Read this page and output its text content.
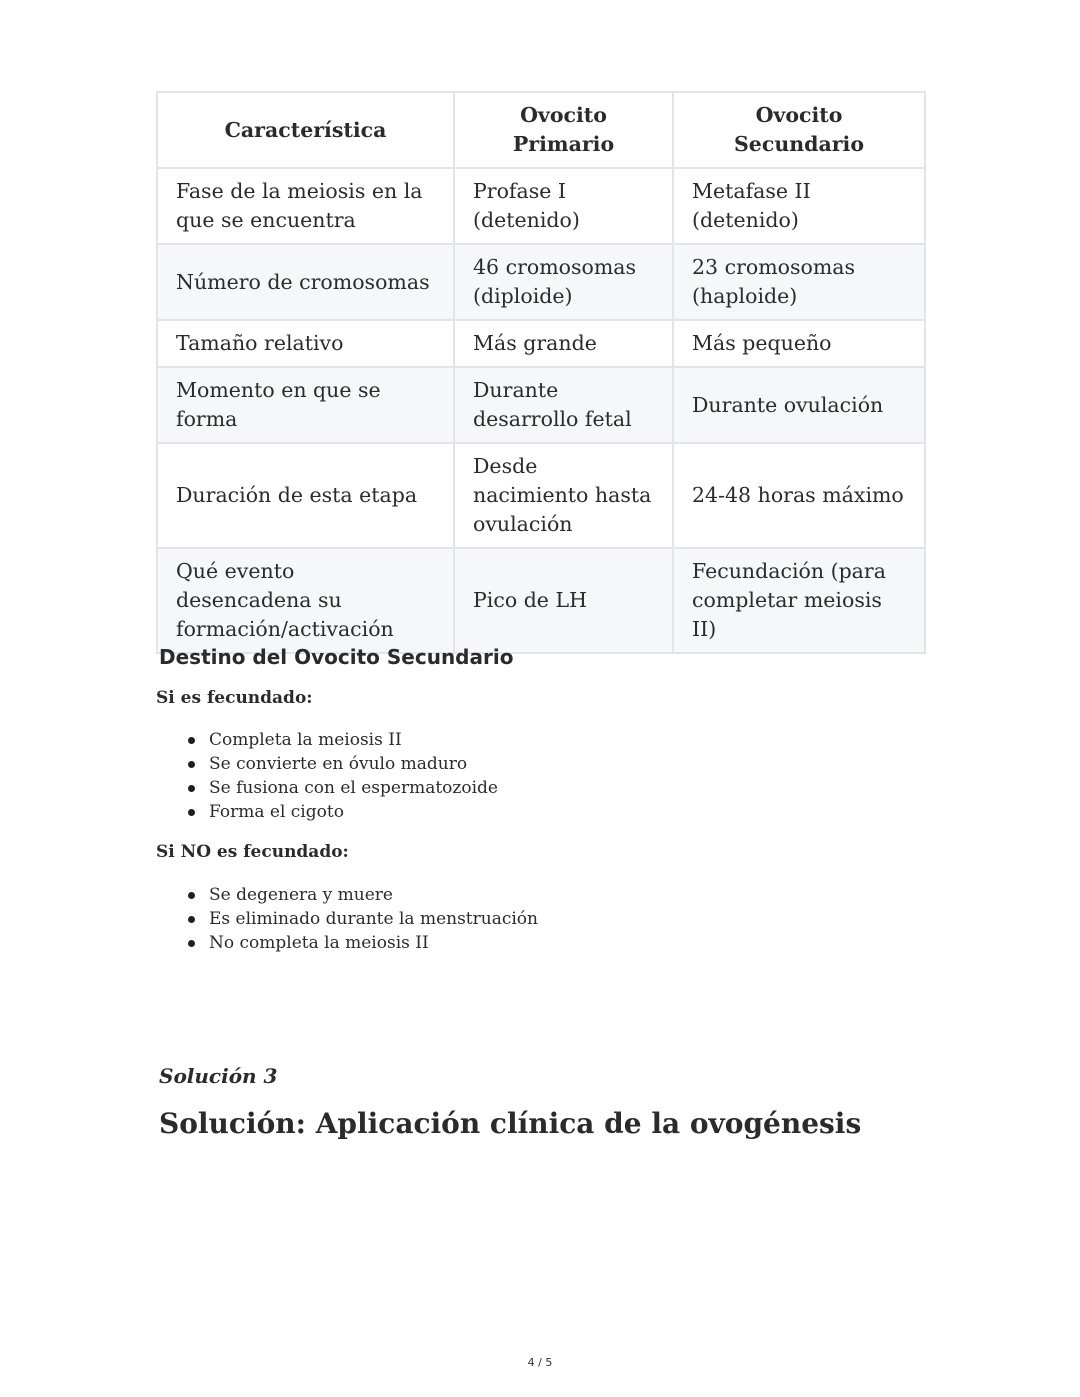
Característica	Ovocito Primario	Ovocito Secundario
Fase de la meiosis en la que se encuentra	Profase I (detenido)	Metafase II (detenido)
Número de cromosomas	46 cromosomas (diploide)	23 cromosomas (haploide)
Tamaño relativo	Más grande	Más pequeño
Momento en que se forma	Durante desarrollo fetal	Durante ovulación
Duración de esta etapa	Desde nacimiento hasta ovulación	24-48 horas máximo
Qué evento desencadena su formación/activación	Pico de LH	Fecundación (para completar meiosis II)
Destino del Ovocito Secundario

Si es fecundado:

Completa la meiosis II
Se convierte en óvulo maduro
Se fusiona con el espermatozoide
Forma el cigoto

Si NO es fecundado:

Se degenera y muere
Es eliminado durante la menstruación
No completa la meiosis II

Solución 3

Solución: Aplicación clínica de la ovogénesis
4 / 5
